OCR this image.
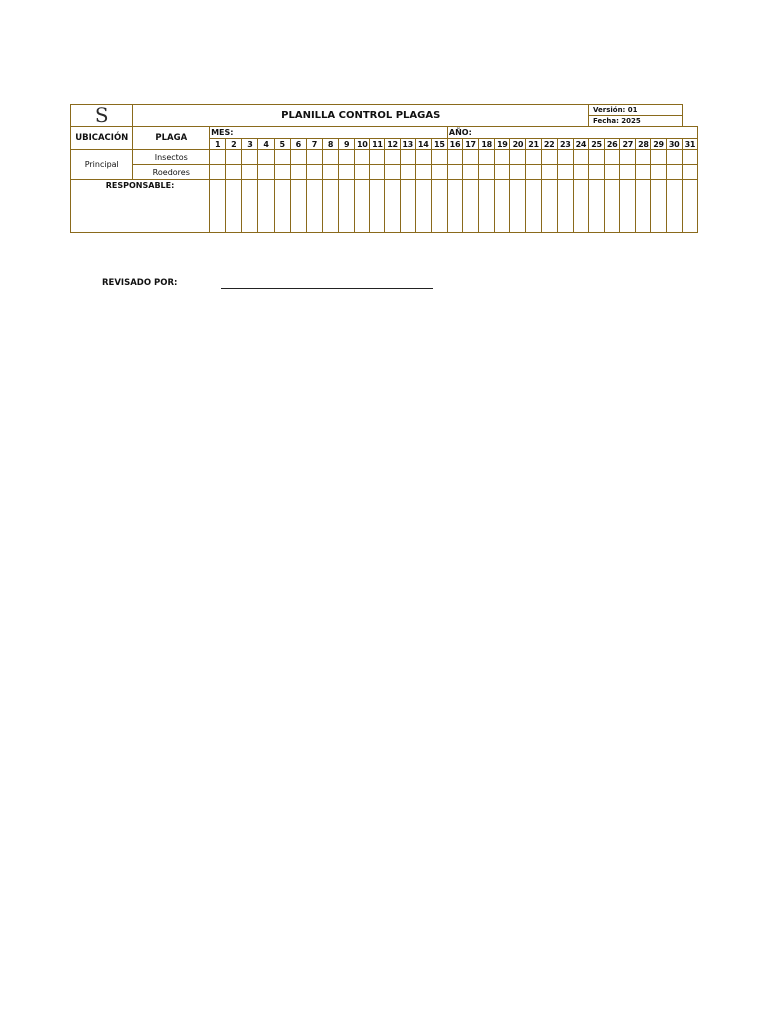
S	PLANILLA CONTROL PLAGAS																									Versión: 01						
																										Fecha: 2025						
UBICACIÓN	PLAGA	MES:															AÑO:															
		1	2	3	4	5	6	7	8	9	10	11	12	13	14	15	16	17	18	19	20	21	22	23	24	25	26	27	28	29	30	31
Principal	Insectos																															
	Roedores																															
RESPONSABLE:																																
REVISADO POR:
